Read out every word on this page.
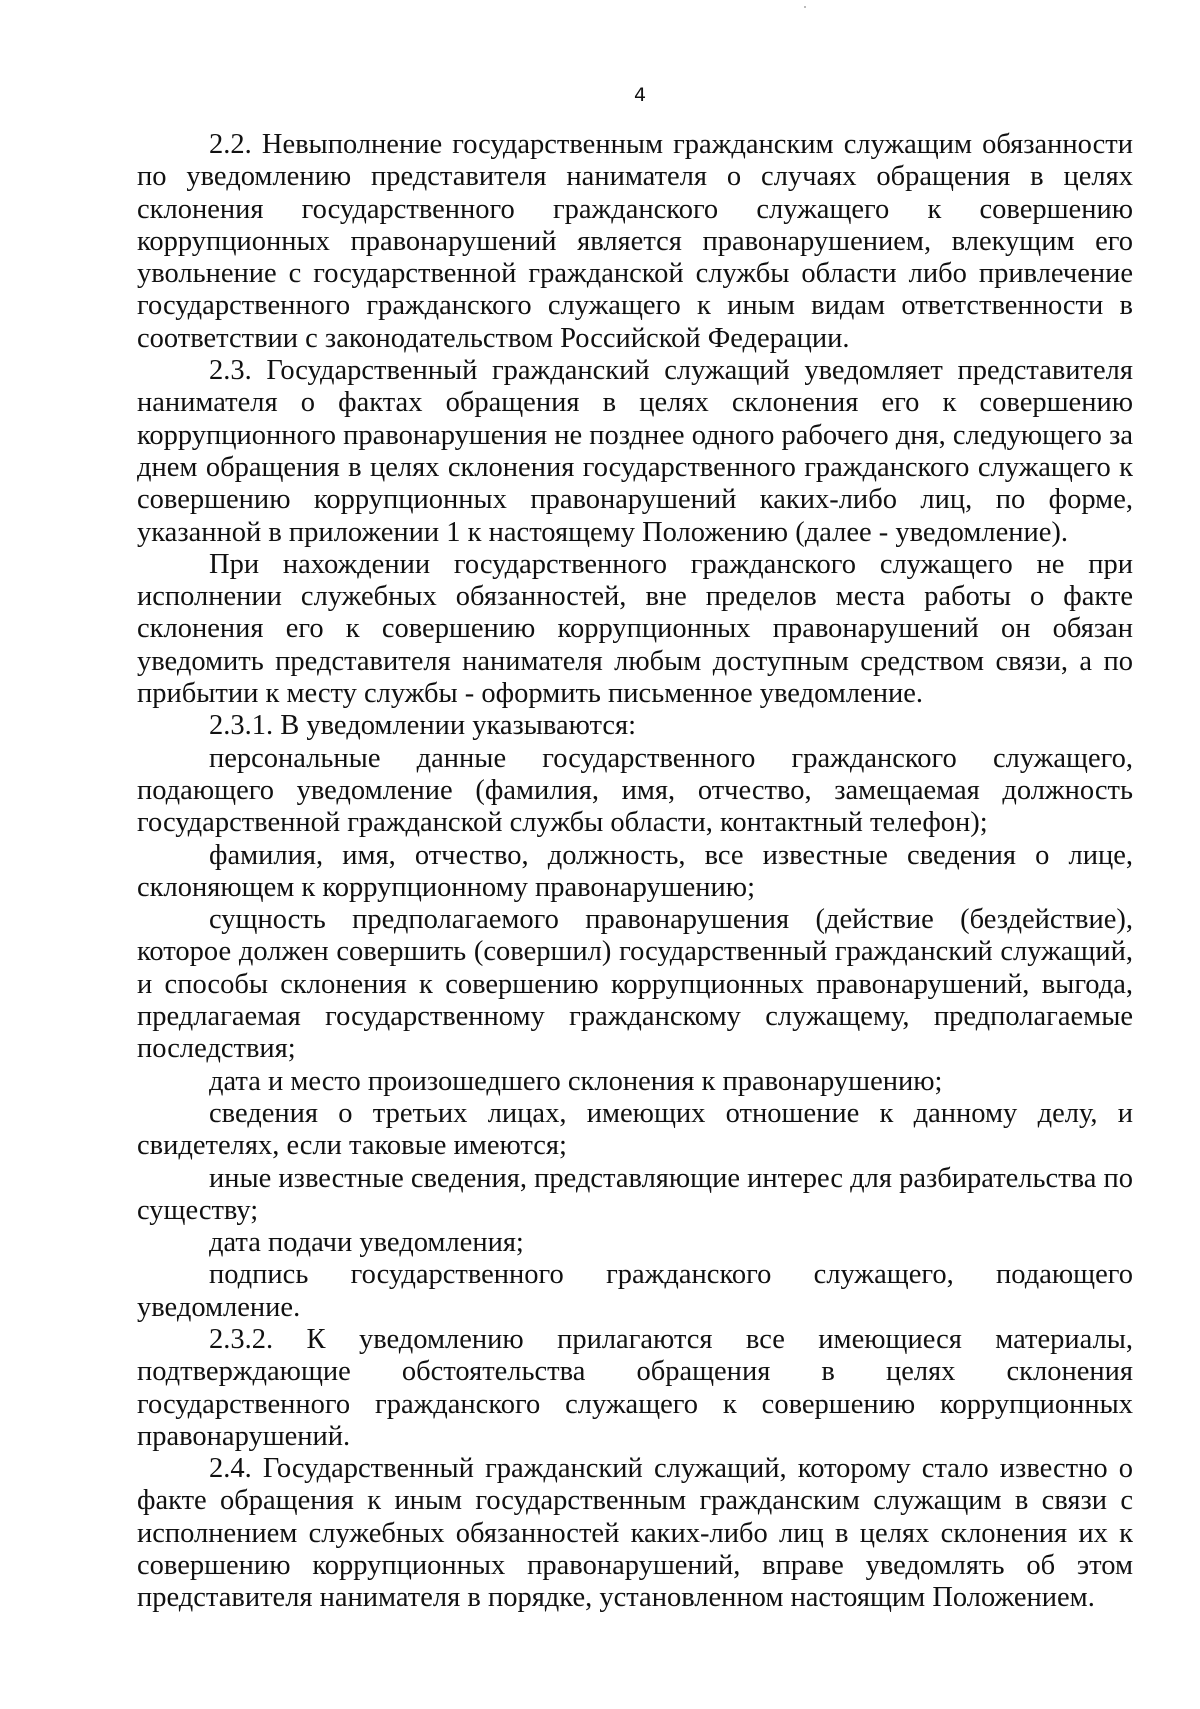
4

2.2. Невыполнение государственным гражданским служащим обязанности по уведомлению представителя нанимателя о случаях обращения в целях склонения государственного гражданского служащего к совершению коррупционных правонарушений является правонарушением, влекущим его увольнение с государственной гражданской службы области либо привлечение государственного гражданского служащего к иным видам ответственности в соответствии с законодательством Российской Федерации.

2.3. Государственный гражданский служащий уведомляет представителя нанимателя о фактах обращения в целях склонения его к совершению коррупционного правонарушения не позднее одного рабочего дня, следующего за днем обращения в целях склонения государственного гражданского служащего к совершению коррупционных правонарушений каких-либо лиц, по форме, указанной в приложении 1 к настоящему Положению (далее - уведомление).

При нахождении государственного гражданского служащего не при исполнении служебных обязанностей, вне пределов места работы о факте склонения его к совершению коррупционных правонарушений он обязан уведомить представителя нанимателя любым доступным средством связи, а по прибытии к месту службы - оформить письменное уведомление.

2.3.1. В уведомлении указываются:

персональные данные государственного гражданского служащего, подающего уведомление (фамилия, имя, отчество, замещаемая должность государственной гражданской службы области, контактный телефон);

фамилия, имя, отчество, должность, все известные сведения о лице, склоняющем к коррупционному правонарушению;

сущность предполагаемого правонарушения (действие (бездействие), которое должен совершить (совершил) государственный гражданский служащий, и способы склонения к совершению коррупционных правонарушений, выгода, предлагаемая государственному гражданскому служащему, предполагаемые последствия;

дата и место произошедшего склонения к правонарушению;

сведения о третьих лицах, имеющих отношение к данному делу, и свидетелях, если таковые имеются;

иные известные сведения, представляющие интерес для разбирательства по существу;

дата подачи уведомления;

подпись государственного гражданского служащего, подающего уведомление.

2.3.2. К уведомлению прилагаются все имеющиеся материалы, подтверждающие обстоятельства обращения в целях склонения государственного гражданского служащего к совершению коррупционных правонарушений.

2.4. Государственный гражданский служащий, которому стало известно о факте обращения к иным государственным гражданским служащим в связи с исполнением служебных обязанностей каких-либо лиц в целях склонения их к совершению коррупционных правонарушений, вправе уведомлять об этом представителя нанимателя в порядке, установленном настоящим Положением.
